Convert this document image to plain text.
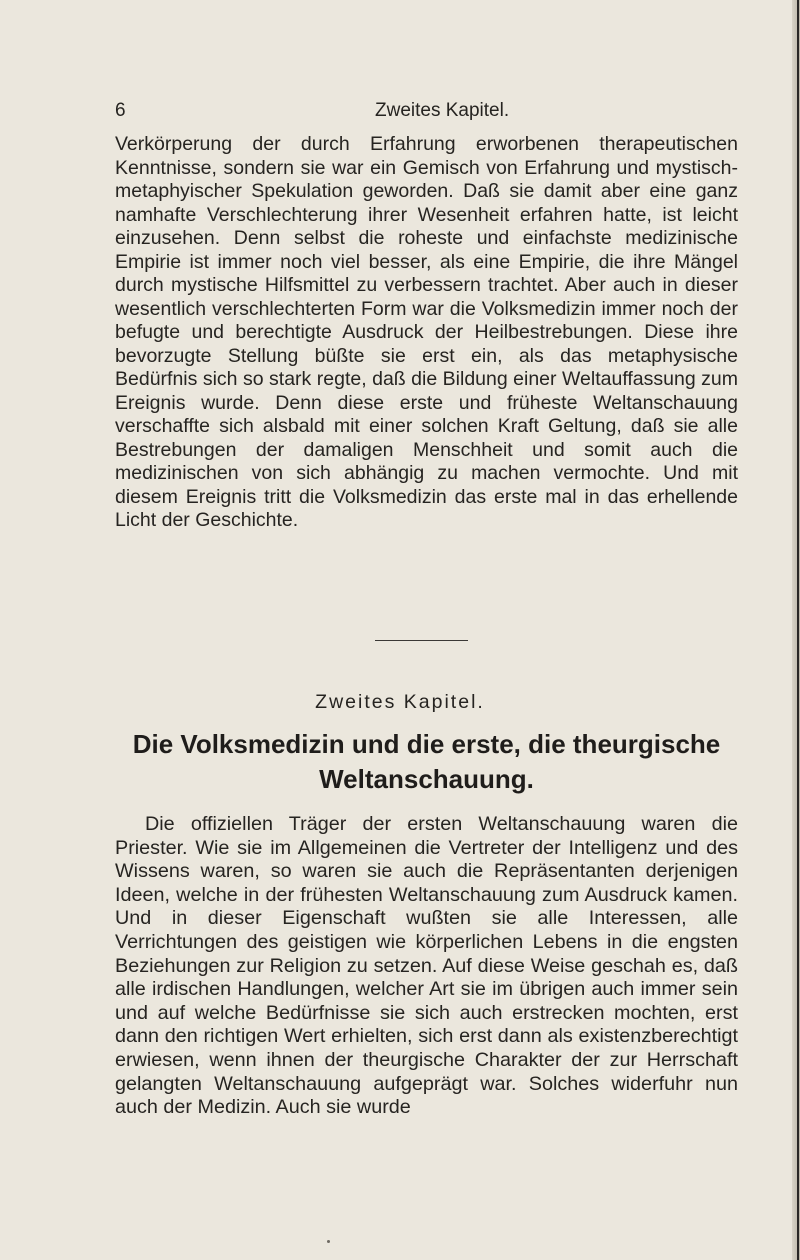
6	Zweites Kapitel.

Verkörperung der durch Erfahrung erworbenen therapeutischen Kenntnisse, sondern sie war ein Gemisch von Erfahrung und mystisch-metaphyischer Spekulation geworden. Daß sie damit aber eine ganz namhafte Verschlechterung ihrer Wesenheit erfahren hatte, ist leicht einzusehen. Denn selbst die roheste und einfachste medizinische Empirie ist immer noch viel besser, als eine Empirie, die ihre Mängel durch mystische Hilfsmittel zu verbessern trachtet. Aber auch in dieser wesentlich verschlechterten Form war die Volksmedizin immer noch der befugte und berechtigte Ausdruck der Heilbestrebungen. Diese ihre bevorzugte Stellung büßte sie erst ein, als das metaphysische Bedürfnis sich so stark regte, daß die Bildung einer Weltauffassung zum Ereignis wurde. Denn diese erste und früheste Weltanschauung verschaffte sich alsbald mit einer solchen Kraft Geltung, daß sie alle Bestrebungen der damaligen Menschheit und somit auch die medizinischen von sich abhängig zu machen vermochte. Und mit diesem Ereignis tritt die Volksmedizin das erste mal in das erhellende Licht der Geschichte.

Zweites Kapitel.
Die Volksmedizin und die erste, die theurgische Weltanschauung.

Die offiziellen Träger der ersten Weltanschauung waren die Priester. Wie sie im Allgemeinen die Vertreter der Intelligenz und des Wissens waren, so waren sie auch die Repräsentanten derjenigen Ideen, welche in der frühesten Weltanschauung zum Ausdruck kamen. Und in dieser Eigenschaft wußten sie alle Interessen, alle Verrichtungen des geistigen wie körperlichen Lebens in die engsten Beziehungen zur Religion zu setzen. Auf diese Weise geschah es, daß alle irdischen Handlungen, welcher Art sie im übrigen auch immer sein und auf welche Bedürfnisse sie sich auch erstrecken mochten, erst dann den richtigen Wert erhielten, sich erst dann als existenzberechtigt erwiesen, wenn ihnen der theurgische Charakter der zur Herrschaft gelangten Weltanschauung aufgeprägt war. Solches widerfuhr nun auch der Medizin. Auch sie wurde
